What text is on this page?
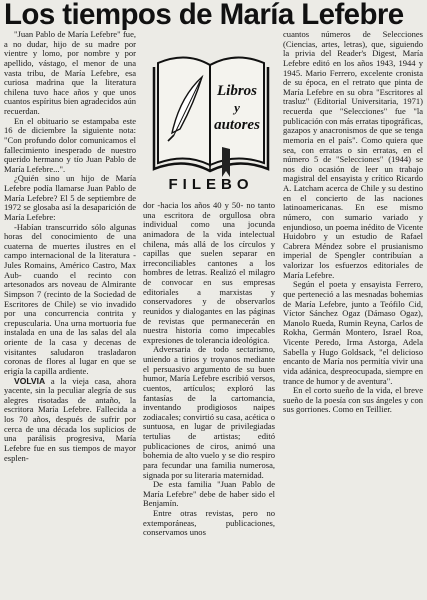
Los tiempos de María Lefebre
Libros
y
autores
FILEBO

"Juan Pablo de María Lefebre" fue, a no dudar, hijo de su madre por vientre y lomo, por nombre y por apellido, vástago, el menor de una vasta tribu, de María Lefebre, esa curiosa madrina que la literatura chilena tuvo hace años y que unos cuantos espíritus bien agradecidos aún recuerdan.

En el obituario se estampaba este 16 de diciembre la siguiente nota: "Con profundo dolor comunicamos el fallecimiento inesperado de nuestro querido hermano y tío Juan Pablo de María Lefebre...".

¿Quién sino un hijo de María Lefebre podía llamarse Juan Pablo de María Lefebre? El 5 de septiembre de 1972 se glosaba así la desaparición de María Lefebre:

-Habían transcurrido sólo algunas horas del conocimiento de una cuaterna de muertes ilustres en el campo internacional de la literatura -Jules Romains, Américo Castro, Max Aub- cuando el recinto con artesonados ars noveau de Almirante Simpson 7 (recinto de la Sociedad de Escritores de Chile) se vio invadido por una concurrencia contrita y crepuscularia. Una urna mortuoria fue instalada en una de las salas del ala oriente de la casa y decenas de visitantes saludaron trasladaron coronas de flores al lugar en que se erigía la capilla ardiente.

VOLVIA a la vieja casa, ahora yacente, sin la peculiar alegría de sus alegres risotadas de antaño, la escritora María Lefebre. Fallecida a los 70 años, después de sufrir por cerca de una década los suplicios de una parálisis progresiva, María Lefebre fue en sus tiempos de mayor esplen-

dor -hacia los años 40 y 50- no tanto una escritora de orgullosa obra individual como una jocunda animadora de la vida intelectual chilena, más allá de los círculos y capillas que suelen separar en irreconciliables cantones a los hombres de letras. Realizó el milagro de convocar en sus empresas editoriales a marxistas y conservadores y de observarlos reunidos y dialogantes en las páginas de revistas que permanecerán en nuestra historia como impecables expresiones de tolerancia ideológica.

Adversaria de todo sectarismo, uniendo a tirios y troyanos mediante el persuasivo argumento de su buen humor, María Lefebre escribió versos, cuentos, artículos; exploró las fantasías de la cartomancia, inventando prodigiosos naipes zodiacales; convirtió su casa, acética o suntuosa, en lugar de privilegiadas tertulias de artistas; editó publicaciones de ciros, animó una bohemia de alto vuelo y se dio respiro para fecundar una familia numerosa, signada por su literaria maternidad.

De esta familia "Juan Pablo de María Lefebre" debe de haber sido el Benjamín.

Entre otras revistas, pero no extemporáneas, publicaciones, conservamos unos

cuantos números de Selecciones (Ciencias, artes, letras), que, siguiendo la privia del Reader's Digest, María Lefebre editó en los años 1943, 1944 y 1945. Mario Ferrero, excelente cronista de su época, en el retrato que pinta de María Lefebre en su obra "Escritores al trasluz" (Editorial Universitaria, 1971) recuerda que "Selecciones" fue "la publicación con más erratas tipográficas, gazapos y anacronismos de que se tenga memoria en el país". Como quiera que sea, con erratas o sin erratas, en el número 5 de "Selecciones" (1944) se nos dio ocasión de leer un trabajo magistral del ensayista y crítico Ricardo A. Latcham acerca de Chile y su destino en el concierto de las naciones latinoamericanas. En ese mismo número, con sumario variado y enjundioso, un poema inédito de Vicente Huidobro y un estudio de Rafael Cabrera Méndez sobre el prusianismo imperial de Spengler contribuían a valorizar los esfuerzos editoriales de María Lefebre.

Según el poeta y ensayista Ferrero, que perteneció a las mesnadas bohemias de María Lefebre, junto a Teófilo Cid, Víctor Sánchez Ogaz (Dámaso Ogaz), Manolo Rueda, Rumin Reyna, Carlos de Rokha, Germán Montero, Israel Roa, Vicente Peredo, Irma Astorga, Adela Sabella y Hugo Goldsack, "el delicioso encanto de María nos permitía vivir una vida adánica, despreocupada, siempre en trance de humor y de aventura".

En el corto sueño de la vida, el breve sueño de la poesía con sus ángeles y con sus gorriones. Como en Teillier.
